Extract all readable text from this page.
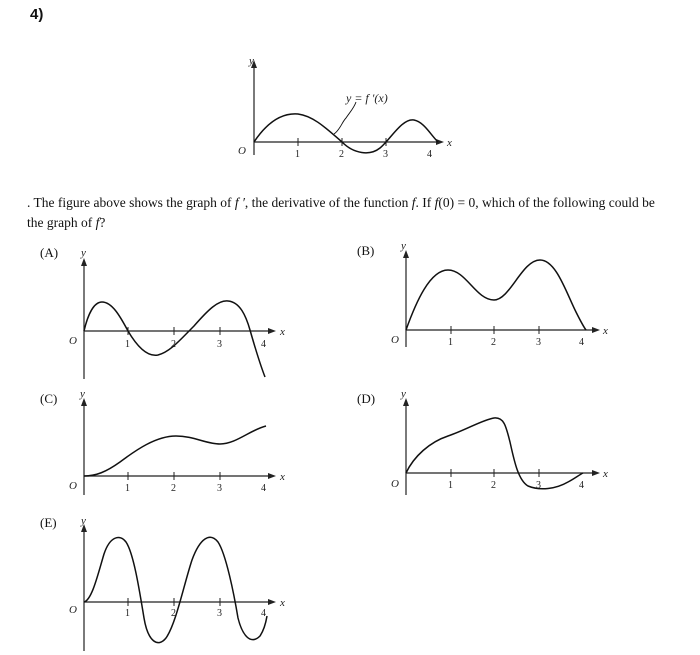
4)
y
x
O	1	2	3	4
y = f ′(x)
. The figure above shows the graph of f ′, the derivative of the function f. If f(0) = 0, which of the following could be the graph of f?
(A) y
x
O	1	2	3	4
(B) y
x
O	1	2	3	4
(C) y
x
O	1	2	3	4
(D) y
x
O	1	2	3	4
(E) y
x
O	1	2	3	4
